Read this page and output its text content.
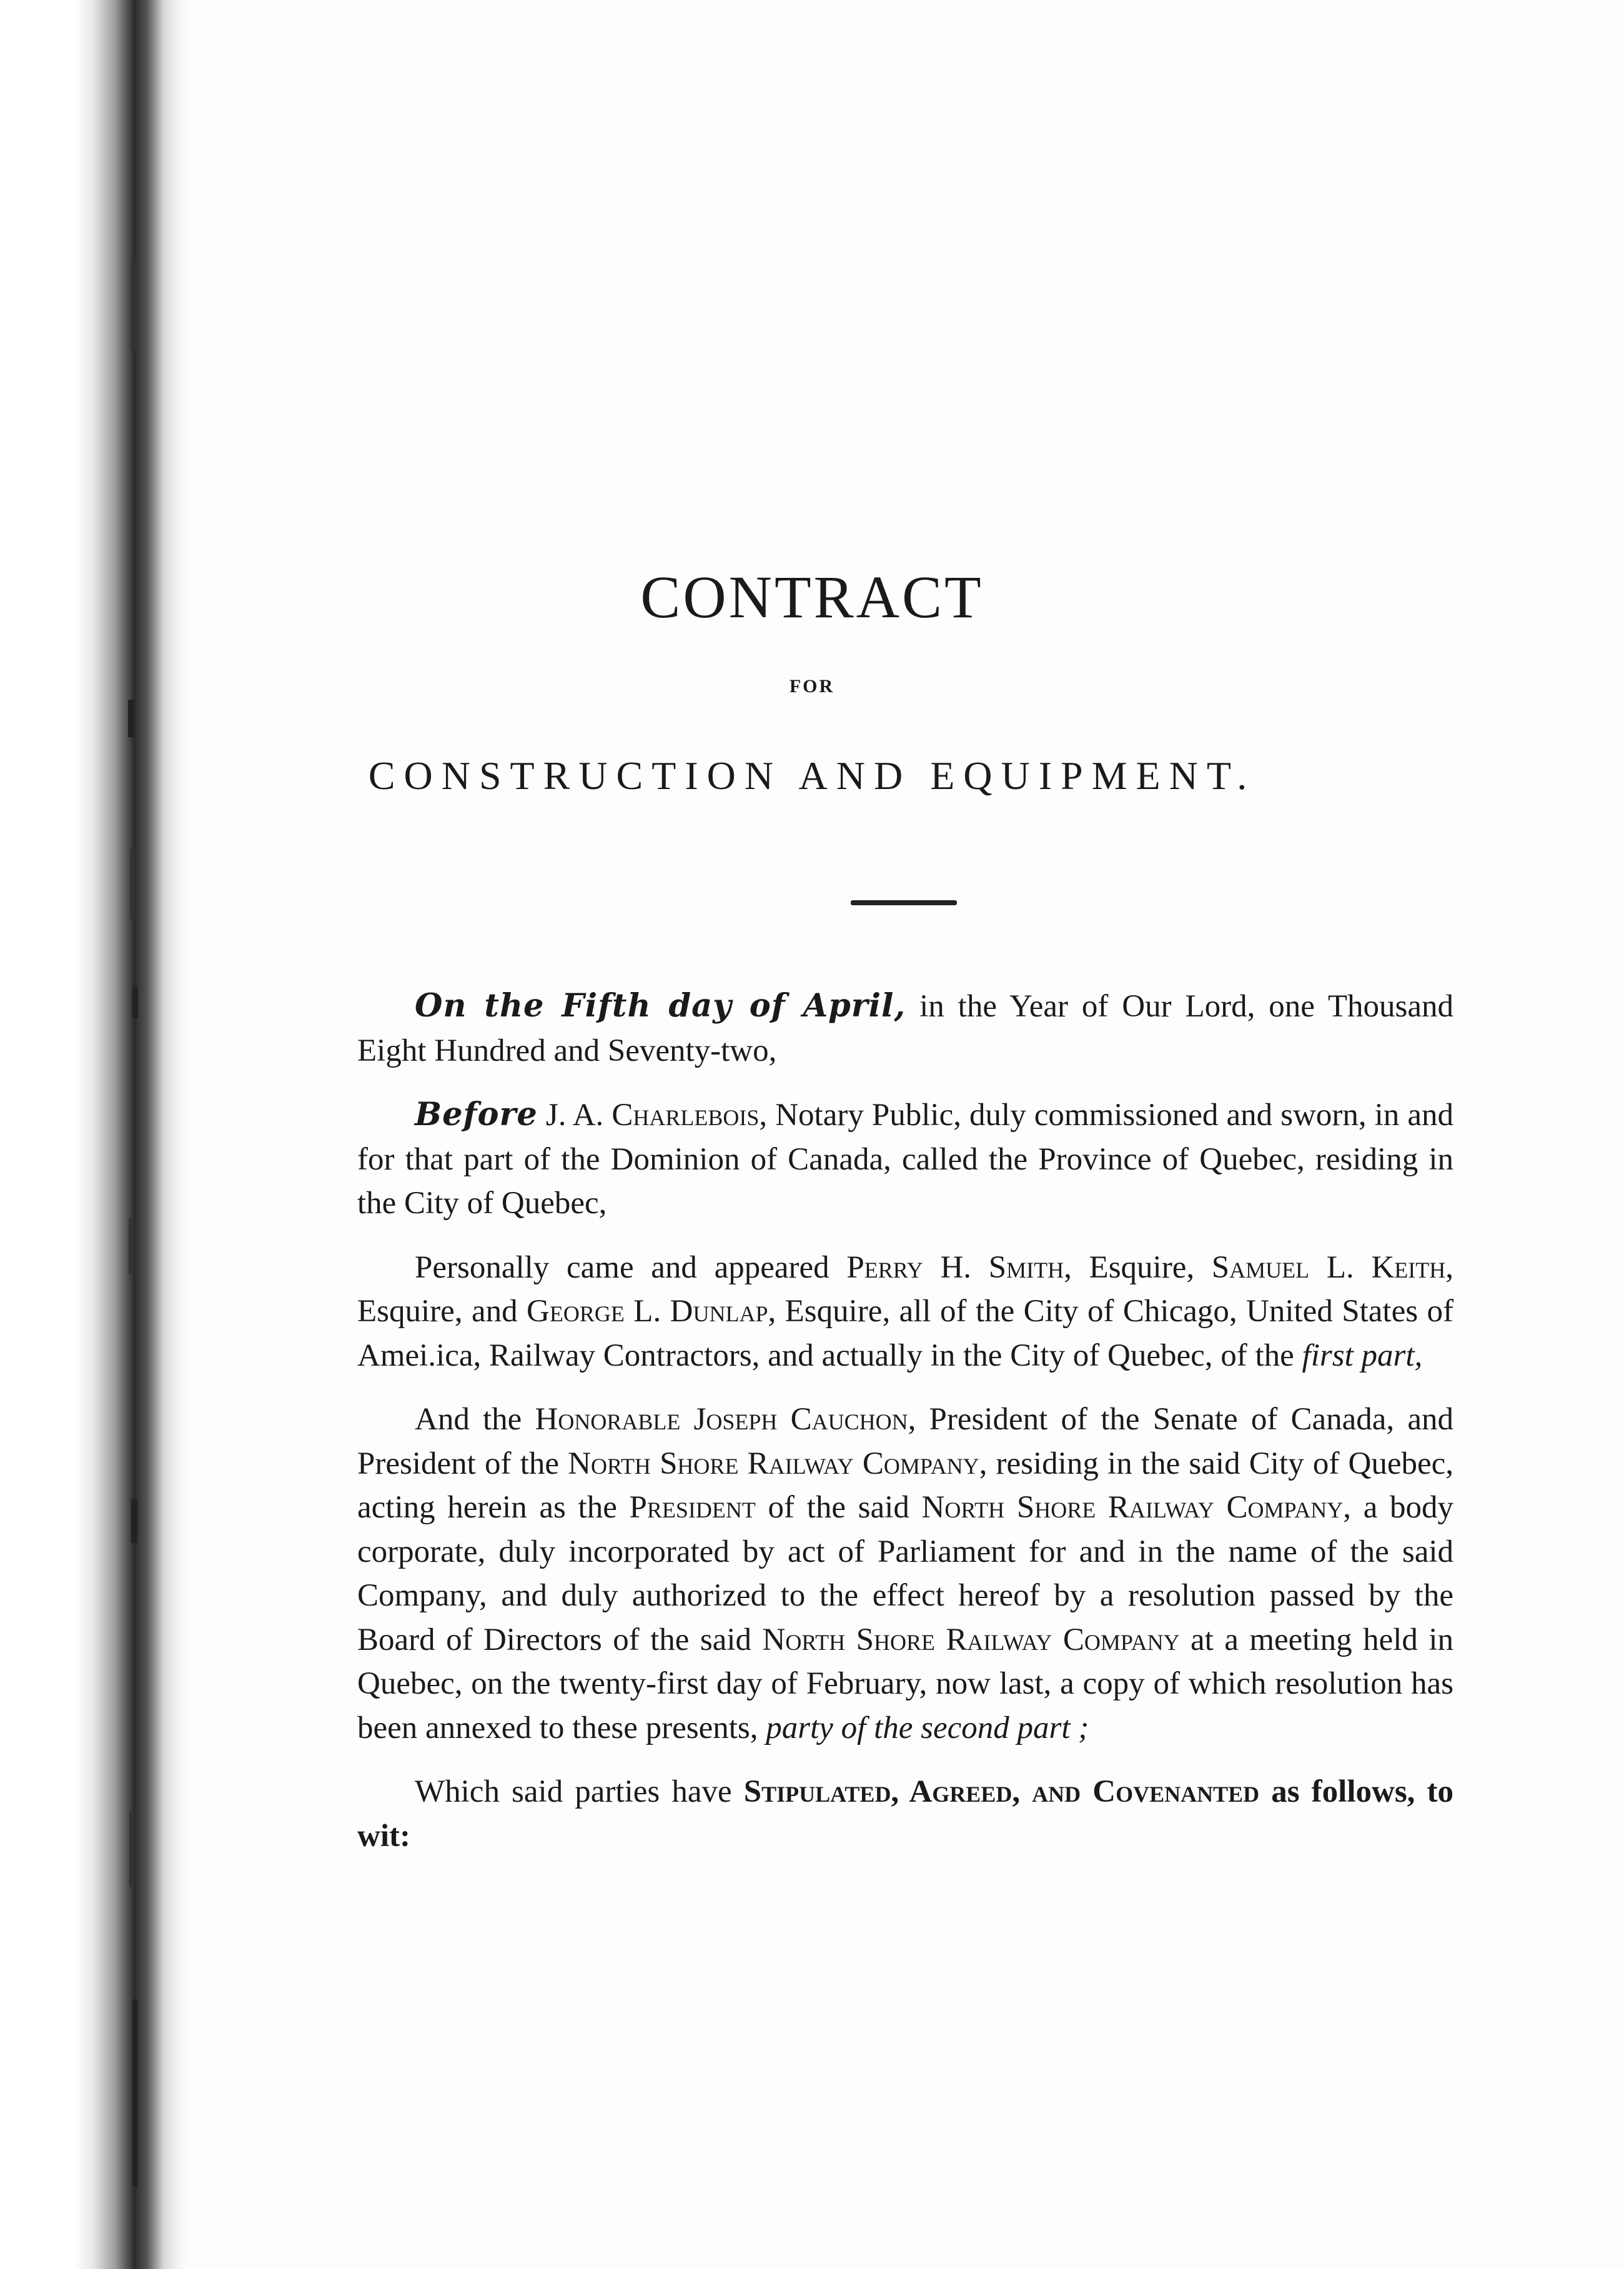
CONTRACT
FOR
CONSTRUCTION AND EQUIPMENT.

On the Fifth day of April, in the Year of Our Lord, one Thousand Eight Hundred and Seventy-two,

Before J. A. Charlebois, Notary Public, duly commissioned and sworn, in and for that part of the Dominion of Canada, called the Province of Quebec, residing in the City of Quebec,

Personally came and appeared Perry H. Smith, Esquire, Samuel L. Keith, Esquire, and George L. Dunlap, Esquire, all of the City of Chicago, United States of Amei.ica, Railway Contractors, and actually in the City of Quebec, of the first part,

And the Honorable Joseph Cauchon, President of the Senate of Canada, and President of the North Shore Railway Company, residing in the said City of Quebec, acting herein as the President of the said North Shore Railway Company, a body corporate, duly incorporated by act of Parliament for and in the name of the said Company, and duly authorized to the effect hereof by a resolution passed by the Board of Directors of the said North Shore Railway Company at a meeting held in Quebec, on the twenty-first day of February, now last, a copy of which resolution has been annexed to these presents, party of the second part ;

Which said parties have Stipulated, Agreed, and Covenanted as follows, to wit:
